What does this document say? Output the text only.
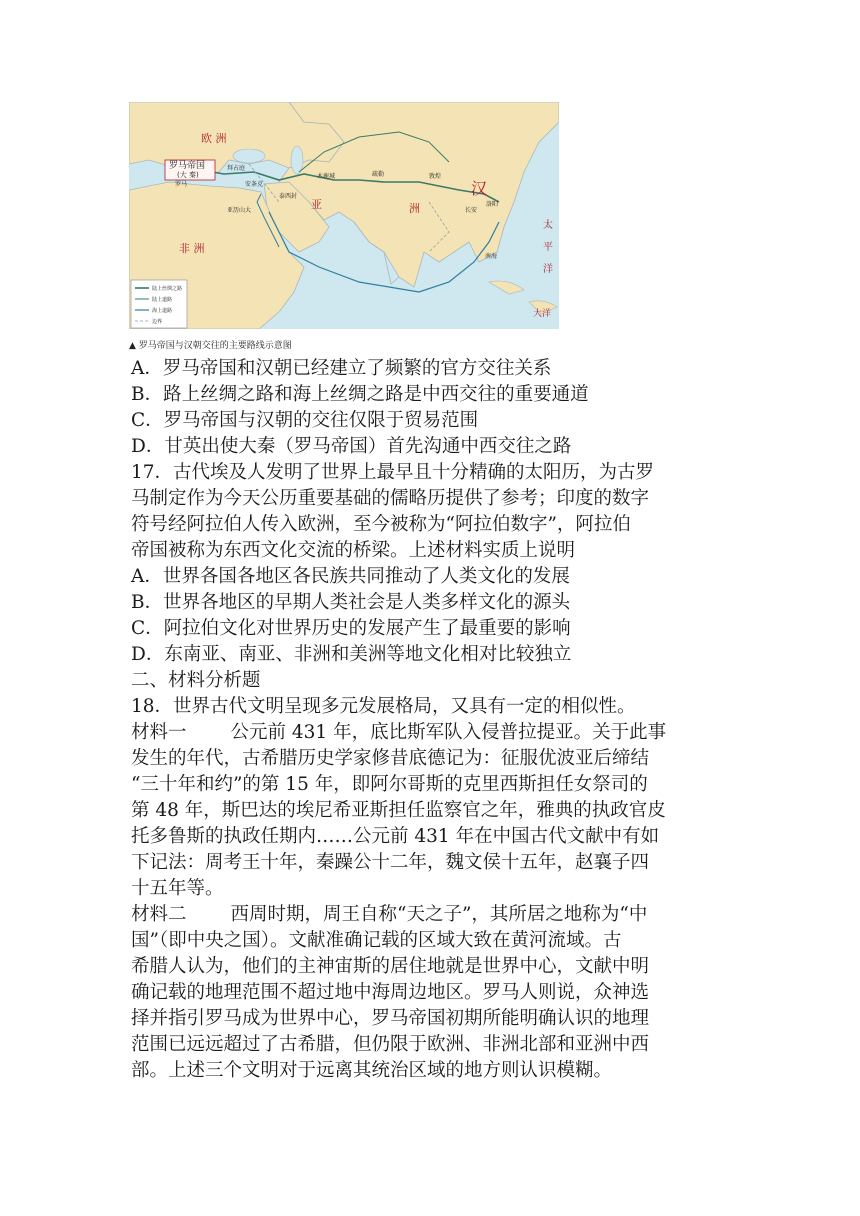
欧 洲
罗马帝国
(大 秦)
汉
非 洲
亚	洲
太
平
洋
大洋
罗马
拜占庭
安条克
泰西封
亚历山大
木鹿城	疏勒	敦煌
洛阳
长安
南海
陆上丝绸之路
陆上道路
海上道路
边界
▲ 罗马帝国与汉朝交往的主要路线示意图
A．罗马帝国和汉朝已经建立了频繁的官方交往关系
B．路上丝绸之路和海上丝绸之路是中西交往的重要通道
C．罗马帝国与汉朝的交往仅限于贸易范围
D．甘英出使大秦（罗马帝国）首先沟通中西交往之路
17．古代埃及人发明了世界上最早且十分精确的太阳历，为古罗
马制定作为今天公历重要基础的儒略历提供了参考；印度的数字
符号经阿拉伯人传入欧洲，至今被称为“阿拉伯数字”，阿拉伯
帝国被称为东西文化交流的桥梁。上述材料实质上说明
A．世界各国各地区各民族共同推动了人类文化的发展
B．世界各地区的早期人类社会是人类多样文化的源头
C．阿拉伯文化对世界历史的发展产生了最重要的影响
D．东南亚、南亚、非洲和美洲等地文化相对比较独立
二、材料分析题
18．世界古代文明呈现多元发展格局，又具有一定的相似性。
材料一 公元前 431 年，底比斯军队入侵普拉提亚。关于此事
发生的年代，古希腊历史学家修昔底德记为：征服优波亚后缔结
“三十年和约”的第 15 年，即阿尔哥斯的克里西斯担任女祭司的
第 48 年，斯巴达的埃尼希亚斯担任监察官之年，雅典的执政官皮
托多鲁斯的执政任期内……公元前 431 年在中国古代文献中有如
下记法：周考王十年，秦躁公十二年，魏文侯十五年，赵襄子四
十五年等。
材料二 西周时期，周王自称“天之子”，其所居之地称为“中
国”（即中央之国）。文献准确记载的区域大致在黄河流域。古
希腊人认为，他们的主神宙斯的居住地就是世界中心，文献中明
确记载的地理范围不超过地中海周边地区。罗马人则说，众神选
择并指引罗马成为世界中心，罗马帝国初期所能明确认识的地理
范围已远远超过了古希腊，但仍限于欧洲、非洲北部和亚洲中西
部。上述三个文明对于远离其统治区域的地方则认识模糊。
